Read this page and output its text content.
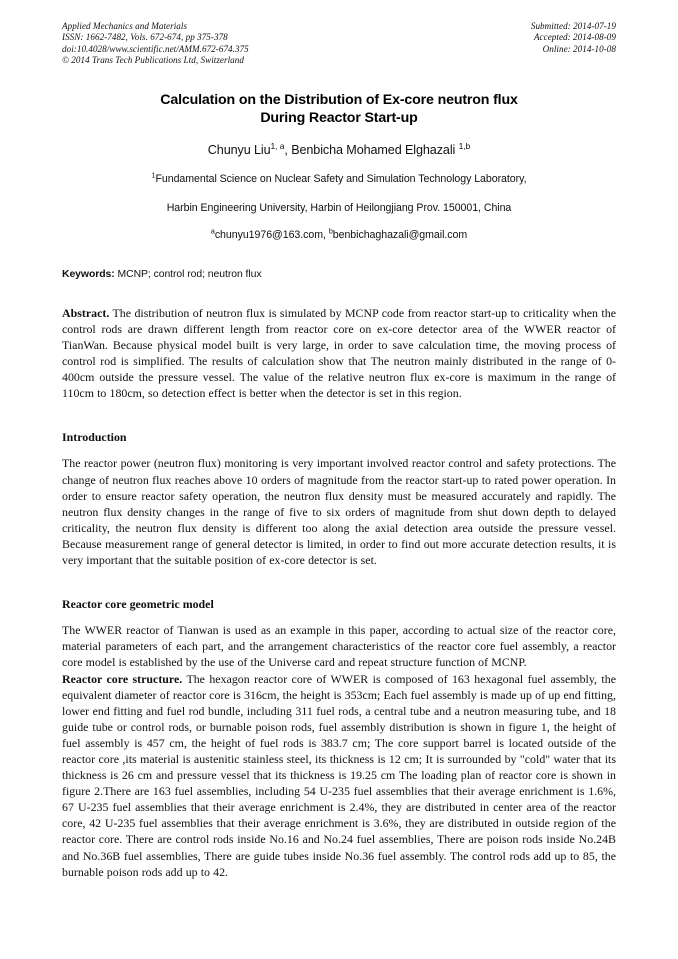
Applied Mechanics and Materials
ISSN: 1662-7482, Vols. 672-674, pp 375-378
doi:10.4028/www.scientific.net/AMM.672-674.375
© 2014 Trans Tech Publications Ltd, Switzerland
Submitted: 2014-07-19
Accepted: 2014-08-09
Online: 2014-10-08
Calculation on the Distribution of Ex-core neutron flux
During Reactor Start-up
Chunyu Liu$^{1, a}$, Benbicha Mohamed Elghazali $^{1,b}$
$^1$Fundamental Science on Nuclear Safety and Simulation Technology Laboratory,
Harbin Engineering University, Harbin of Heilongjiang Prov. 150001, China
$^a$chunyu1976@163.com, $^b$benbichaghazali@gmail.com
Keywords: MCNP; control rod; neutron flux
Abstract. The distribution of neutron flux is simulated by MCNP code from reactor start-up to criticality when the control rods are drawn different length from reactor core on ex-core detector area of the WWER reactor of TianWan. Because physical model built is very large, in order to save calculation time, the moving process of control rod is simplified. The results of calculation show that The neutron mainly distributed in the range of 0-400cm outside the pressure vessel. The value of the relative neutron flux ex-core is maximum in the range of 110cm to 180cm, so detection effect is better when the detector is set in this region.
Introduction
The reactor power (neutron flux) monitoring is very important involved reactor control and safety protections. The change of neutron flux reaches above 10 orders of magnitude from the reactor start-up to rated power operation. In order to ensure reactor safety operation, the neutron flux density must be measured accurately and rapidly. The neutron flux density changes in the range of five to six orders of magnitude from shut down depth to delayed criticality, the neutron flux density is different too along the axial detection area outside the pressure vessel. Because measurement range of general detector is limited, in order to find out more accurate detection results, it is very important that the suitable position of ex-core detector is set.
Reactor core geometric model
The WWER reactor of Tianwan is used as an example in this paper, according to actual size of the reactor core, material parameters of each part, and the arrangement characteristics of the reactor core fuel assembly, a reactor core model is established by the use of the Universe card and repeat structure function of MCNP.
Reactor core structure. The hexagon reactor core of WWER is composed of 163 hexagonal fuel assembly, the equivalent diameter of reactor core is 316cm, the height is 353cm; Each fuel assembly is made up of up end fitting, lower end fitting and fuel rod bundle, including 311 fuel rods, a central tube and a neutron measuring tube, and 18 guide tube or control rods, or burnable poison rods, fuel assembly distribution is shown in figure 1, the height of fuel assembly is 457 cm, the height of fuel rods is 383.7 cm; The core support barrel is located outside of the reactor core ,its material is austenitic stainless steel, its thickness is 12 cm; It is surrounded by "cold" water that its thickness is 26 cm and pressure vessel that its thickness is 19.25 cm The loading plan of reactor core is shown in figure 2.There are 163 fuel assemblies, including 54 U-235 fuel assemblies that their average enrichment is 1.6%, 67 U-235 fuel assemblies that their average enrichment is 2.4%, they are distributed in center area of the reactor core, 42 U-235 fuel assemblies that their average enrichment is 3.6%, they are distributed in outside region of the reactor core. There are control rods inside No.16 and No.24 fuel assemblies, There are poison rods inside No.24B and No.36B fuel assemblies, There are guide tubes inside No.36 fuel assembly. The control rods add up to 85, the burnable poison rods add up to 42.
